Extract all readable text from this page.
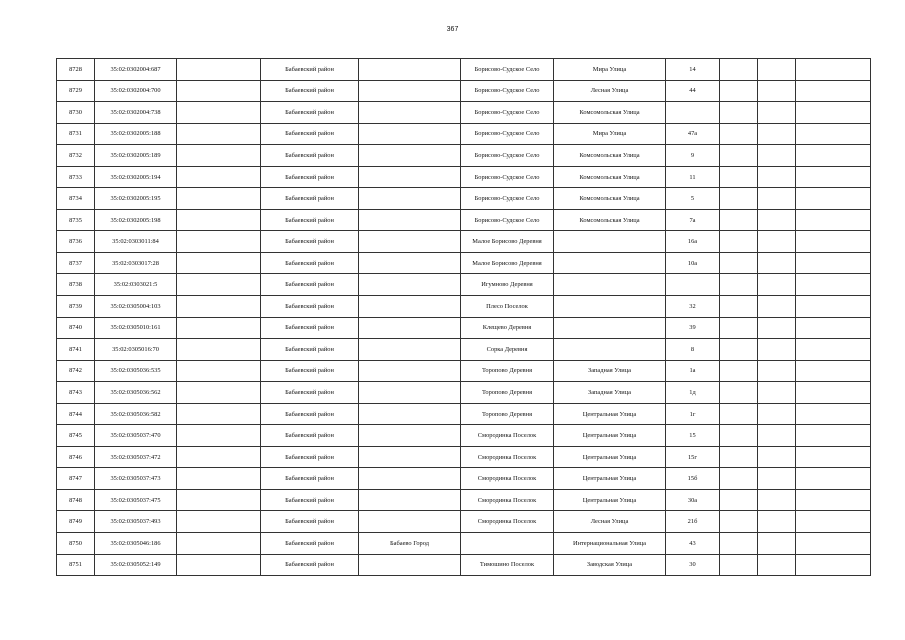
367
8728	35:02:0302004:687		Бабаевский район		Борисово-Судское Село	Мира Улица	14			
8729	35:02:0302004:700		Бабаевский район		Борисово-Судское Село	Лесная Улица	44			
8730	35:02:0302004:738		Бабаевский район		Борисово-Судское Село	Комсомольская Улица				
8731	35:02:0302005:188		Бабаевский район		Борисово-Судское Село	Мира Улица	47а			
8732	35:02:0302005:189		Бабаевский район		Борисово-Судское Село	Комсомольская Улица	9			
8733	35:02:0302005:194		Бабаевский район		Борисово-Судское Село	Комсомольская Улица	11			
8734	35:02:0302005:195		Бабаевский район		Борисово-Судское Село	Комсомольская Улица	5			
8735	35:02:0302005:198		Бабаевский район		Борисово-Судское Село	Комсомольская Улица	7а			
8736	35:02:0303011:84		Бабаевский район		Малое Борисово Деревня		16а			
8737	35:02:0303017:28		Бабаевский район		Малое Борисово Деревня		10а			
8738	35:02:0303021:5		Бабаевский район		Игумново Деревня					
8739	35:02:0305004:103		Бабаевский район		Плесо Поселок		32			
8740	35:02:0305010:161		Бабаевский район		Клещево Деревня		39			
8741	35:02:0305016:70		Бабаевский район		Сорка Деревня		8			
8742	35:02:0305036:535		Бабаевский район		Торопово Деревня	Западная Улица	1а			
8743	35:02:0305036:562		Бабаевский район		Торопово Деревня	Западная Улица	1д			
8744	35:02:0305036:582		Бабаевский район		Торопово Деревня	Центральная Улица	1г			
8745	35:02:0305037:470		Бабаевский район		Смородинка Поселок	Центральная Улица	15			
8746	35:02:0305037:472		Бабаевский район		Смородинка Поселок	Центральная Улица	15г			
8747	35:02:0305037:473		Бабаевский район		Смородинка Поселок	Центральная Улица	15б			
8748	35:02:0305037:475		Бабаевский район		Смородинка Поселок	Центральная Улица	30а			
8749	35:02:0305037:493		Бабаевский район		Смородинка Поселок	Лесная Улица	21б			
8750	35:02:0305046:186		Бабаевский район	Бабаево Город		Интернациональная Улица	43			
8751	35:02:0305052:149		Бабаевский район		Тимошино Поселок	Заводская Улица	30			
